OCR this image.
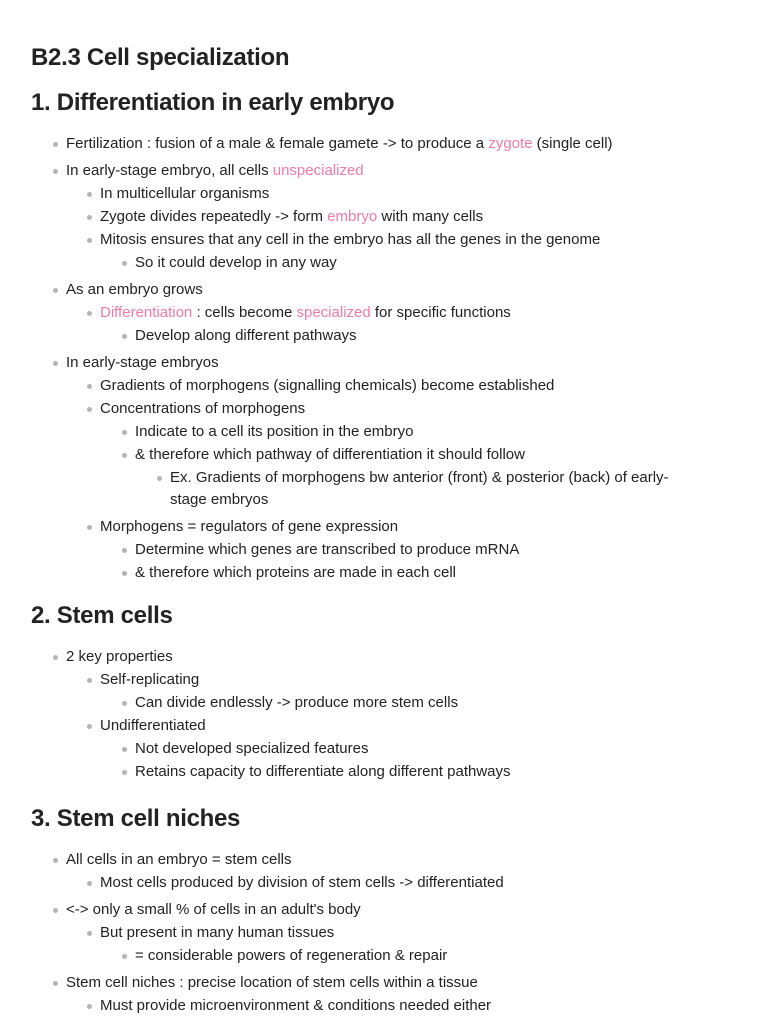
B2.3 Cell specialization
1. Differentiation in early embryo
2. Stem cells
3. Stem cell niches
Fertilization : fusion of a male & female gamete -> to produce a zygote (single cell)
In early-stage embryo, all cells unspecialized
In multicellular organisms
Zygote divides repeatedly -> form embryo with many cells
Mitosis ensures that any cell in the embryo has all the genes in the genome
So it could develop in any way
As an embryo grows
Differentiation : cells become specialized for specific functions
Develop along different pathways
In early-stage embryos
Gradients of morphogens (signalling chemicals) become established
Concentrations of morphogens
Indicate to a cell its position in the embryo
& therefore which pathway of differentiation it should follow
Ex. Gradients of morphogens bw anterior (front) & posterior (back) of early-
stage embryos
Morphogens = regulators of gene expression
Determine which genes are transcribed to produce mRNA
& therefore which proteins are made in each cell
2 key properties
Self-replicating
Can divide endlessly -> produce more stem cells
Undifferentiated
Not developed specialized features
Retains capacity to differentiate along different pathways
All cells in an embryo = stem cells
Most cells produced by division of stem cells -> differentiated
<-> only a small % of cells in an adult's body
But present in many human tissues
= considerable powers of regeneration & repair
Stem cell niches : precise location of stem cells within a tissue
Must provide microenvironment & conditions needed either
